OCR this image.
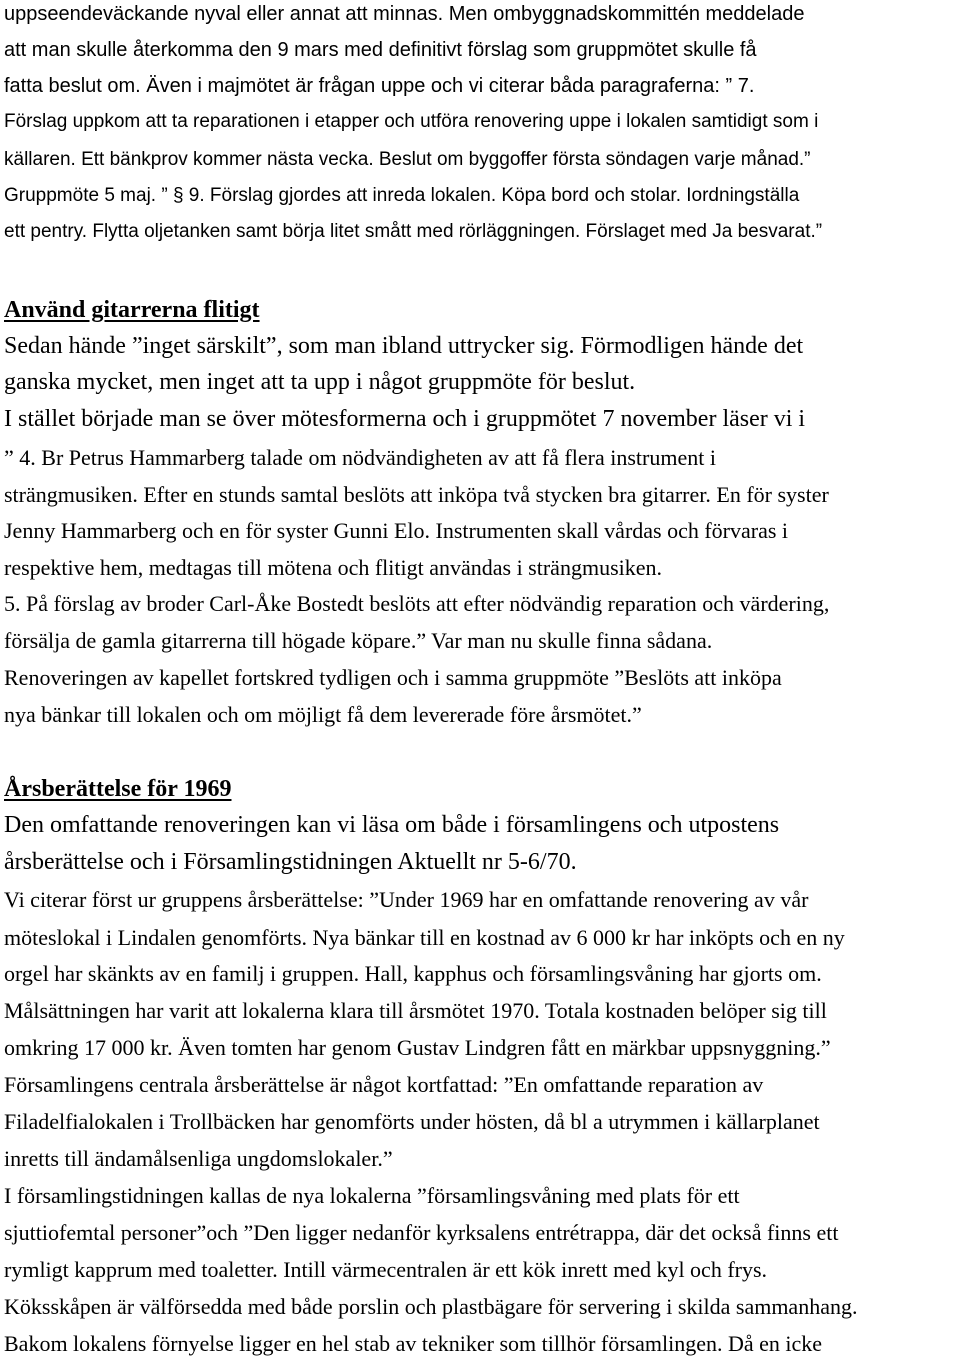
uppseendeväckande nyval eller annat att minnas. Men ombyggnadskommittén meddelade
att man skulle återkomma den 9 mars med definitivt förslag som gruppmötet skulle få
fatta beslut om. Även i majmötet är frågan uppe och vi citerar båda paragraferna: ” 7.
Förslag uppkom att ta reparationen i etapper och utföra renovering uppe i lokalen samtidigt som i
källaren. Ett bänkprov kommer nästa vecka. Beslut om byggoffer första söndagen varje månad.”
Gruppmöte 5 maj. ” § 9. Förslag gjordes att inreda lokalen. Köpa bord och stolar. Iordningställa
ett pentry. Flytta oljetanken samt börja litet smått med rörläggningen. Förslaget med Ja besvarat.”
Använd gitarrerna flitigt
Sedan hände ”inget särskilt”, som man ibland uttrycker sig. Förmodligen hände det
ganska mycket, men inget att ta upp i något gruppmöte för beslut.
I stället började man se över mötesformerna och i gruppmötet 7 november läser vi i
” 4. Br Petrus Hammarberg talade om nödvändigheten av att få flera instrument i
strängmusiken. Efter en stunds samtal beslöts att inköpa två stycken bra gitarrer. En för syster
Jenny Hammarberg och en för syster Gunni Elo. Instrumenten skall vårdas och förvaras i
respektive hem, medtagas till mötena och flitigt användas i strängmusiken.
5. På förslag av broder Carl-Åke Bostedt beslöts att efter nödvändig reparation och värdering,
försälja de gamla gitarrerna till högade köpare.” Var man nu skulle finna sådana.
Renoveringen av kapellet fortskred tydligen och i samma gruppmöte ”Beslöts att inköpa
nya bänkar till lokalen och om möjligt få dem levererade före årsmötet.”
Årsberättelse för 1969
Den omfattande renoveringen kan vi läsa om både i församlingens och utpostens
årsberättelse och i Församlingstidningen Aktuellt nr 5-6/70.
Vi citerar först ur gruppens årsberättelse: ”Under 1969 har en omfattande renovering av vår
möteslokal i Lindalen genomförts. Nya bänkar till en kostnad av 6 000 kr har inköpts och en ny
orgel har skänkts av en familj i gruppen. Hall, kapphus och församlingsvåning har gjorts om.
Målsättningen har varit att lokalerna klara till årsmötet 1970. Totala kostnaden belöper sig till
omkring 17 000 kr. Även tomten har genom Gustav Lindgren fått en märkbar uppsnyggning.”
Församlingens centrala årsberättelse är något kortfattad: ”En omfattande reparation av
Filadelfialokalen i Trollbäcken har genomförts under hösten, då bl a utrymmen i källarplanet
inretts till ändamålsenliga ungdomslokaler.”
I församlingstidningen kallas de nya lokalerna ”församlingsvåning med plats för ett
sjuttiofemtal personer”och ”Den ligger nedanför kyrksalens entrétrappa, där det också finns ett
rymligt kapprum med toaletter. Intill värmecentralen är ett kök inrett med kyl och frys.
Köksskåpen är välförsedda med både porslin och plastbägare för servering i skilda sammanhang.
Bakom lokalens förnyelse ligger en hel stab av tekniker som tillhör församlingen. Då en icke
